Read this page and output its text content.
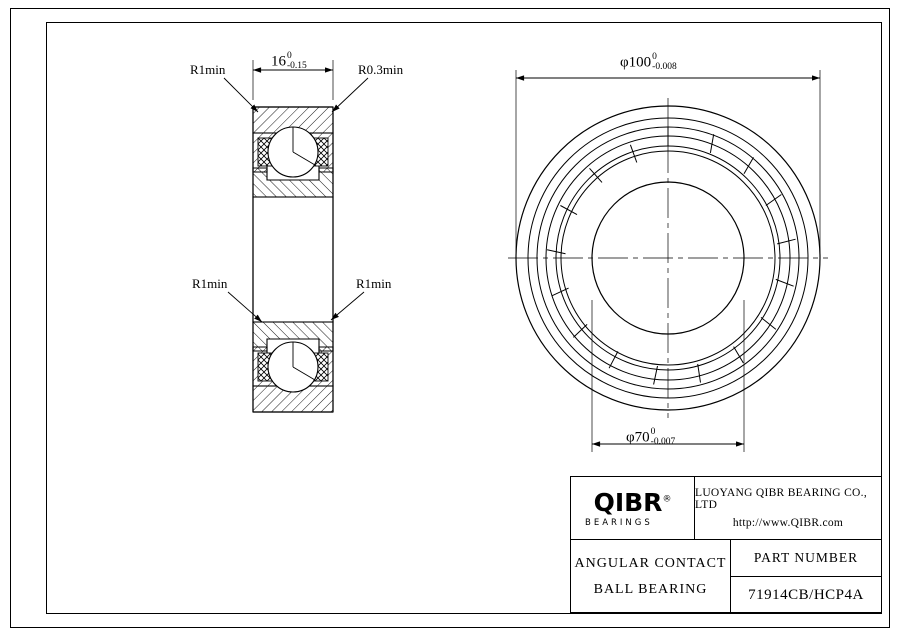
R1min	R0.3min
R1min	R1min
16 0
-0.15	φ100 0
-0.008
φ70 0
-0.007
QIBR®
BEARINGS
LUOYANG QIBR BEARING CO., LTD
http://www.QIBR.com
ANGULAR CONTACT
BALL BEARING
PART NUMBER
71914CB/HCP4A
